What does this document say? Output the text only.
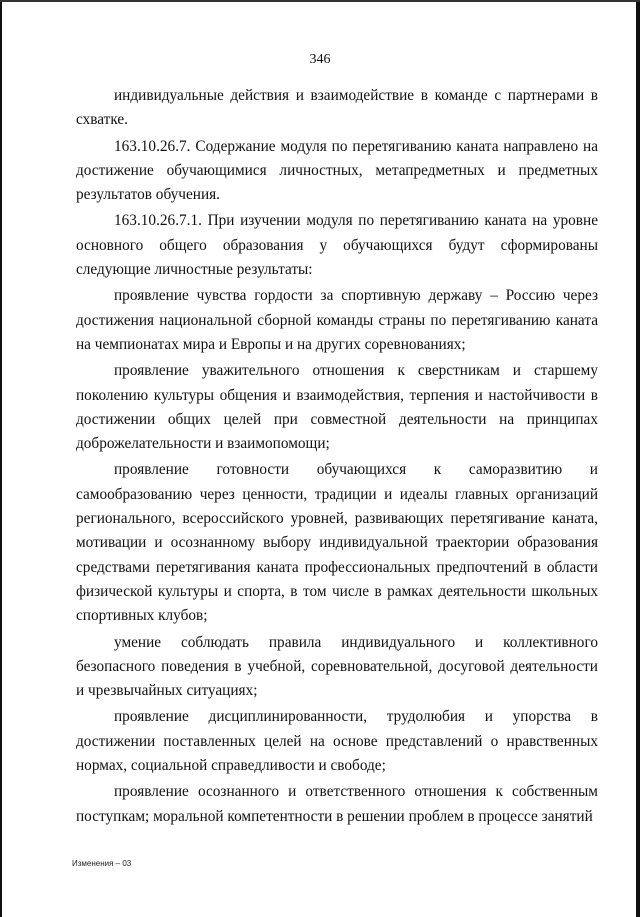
346

индивидуальные действия и взаимодействие в команде с партнерами в схватке.

163.10.26.7. Содержание модуля по перетягиванию каната направлено на достижение обучающимися личностных, метапредметных и предметных результатов обучения.

163.10.26.7.1. При изучении модуля по перетягиванию каната на уровне основного общего образования у обучающихся будут сформированы следующие личностные результаты:

проявление чувства гордости за спортивную державу – Россию через достижения национальной сборной команды страны по перетягиванию каната на чемпионатах мира и Европы и на других соревнованиях;

проявление уважительного отношения к сверстникам и старшему поколению культуры общения и взаимодействия, терпения и настойчивости в достижении общих целей при совместной деятельности на принципах доброжелательности и взаимопомощи;

проявление готовности обучающихся к саморазвитию и самообразованию через ценности, традиции и идеалы главных организаций регионального, всероссийского уровней, развивающих перетягивание каната, мотивации и осознанному выбору индивидуальной траектории образования средствами перетягивания каната профессиональных предпочтений в области физической культуры и спорта, в том числе в рамках деятельности школьных спортивных клубов;

умение соблюдать правила индивидуального и коллективного безопасного поведения в учебной, соревновательной, досуговой деятельности и чрезвычайных ситуациях;

проявление дисциплинированности, трудолюбия и упорства в достижении поставленных целей на основе представлений о нравственных нормах, социальной справедливости и свободе;

проявление осознанного и ответственного отношения к собственным поступкам; моральной компетентности в решении проблем в процессе занятий

Изменения – 03
